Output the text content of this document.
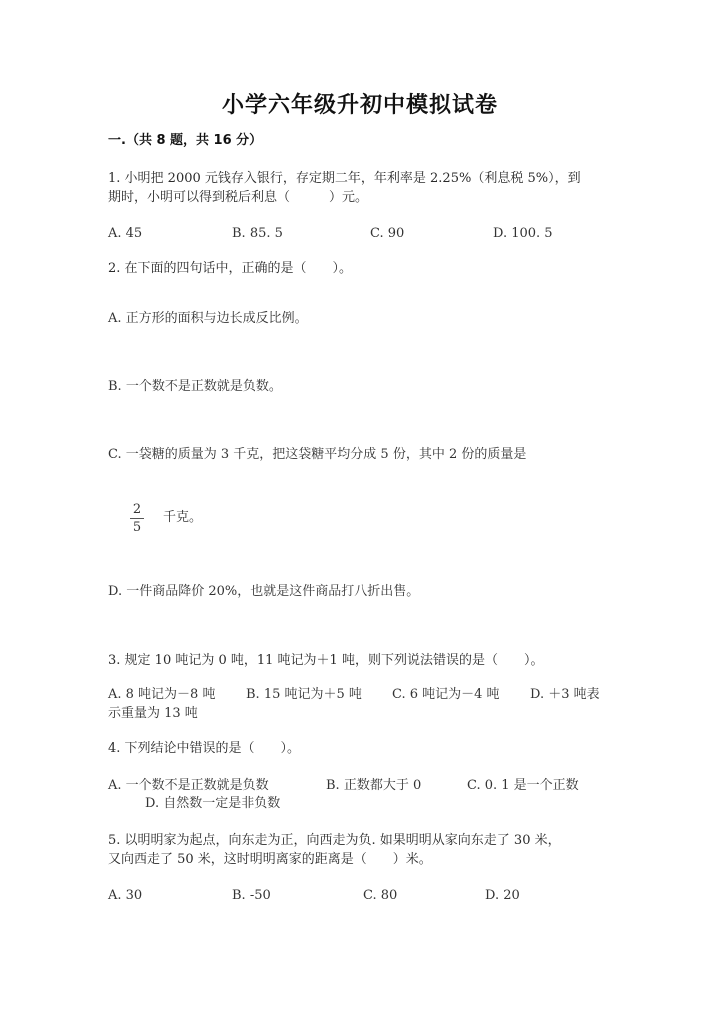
小学六年级升初中模拟试卷
一.（共 8 题，共 16 分）
1. 小明把 2000 元钱存入银行，存定期二年，年利率是 2.25%（利息税 5%），到
期时，小明可以得到税后利息（　　　）元。
A. 45	B. 85. 5	C. 90	D. 100. 5
2. 在下面的四句话中，正确的是（　　）。
A. 正方形的面积与边长成反比例。
B. 一个数不是正数就是负数。
C. 一袋糖的质量为 3 千克，把这袋糖平均分成 5 份，其中 2 份的质量是
$\frac{2}{5}$ 千克。
D. 一件商品降价 20%，也就是这件商品打八折出售。
3. 规定 10 吨记为 0 吨，11 吨记为＋1 吨，则下列说法错误的是（　　）。
A. 8 吨记为－8 吨 B. 15 吨记为＋5 吨 C. 6 吨记为－4 吨 D. ＋3 吨表
示重量为 13 吨
4. 下列结论中错误的是（　　）。
A. 一个数不是正数就是负数	B. 正数都大于 0	C. 0. 1 是一个正数
D. 自然数一定是非负数
5. 以明明家为起点，向东走为正，向西走为负. 如果明明从家向东走了 30 米，
又向西走了 50 米，这时明明离家的距离是（　　）米。
A. 30	B. -50	C. 80	D. 20
